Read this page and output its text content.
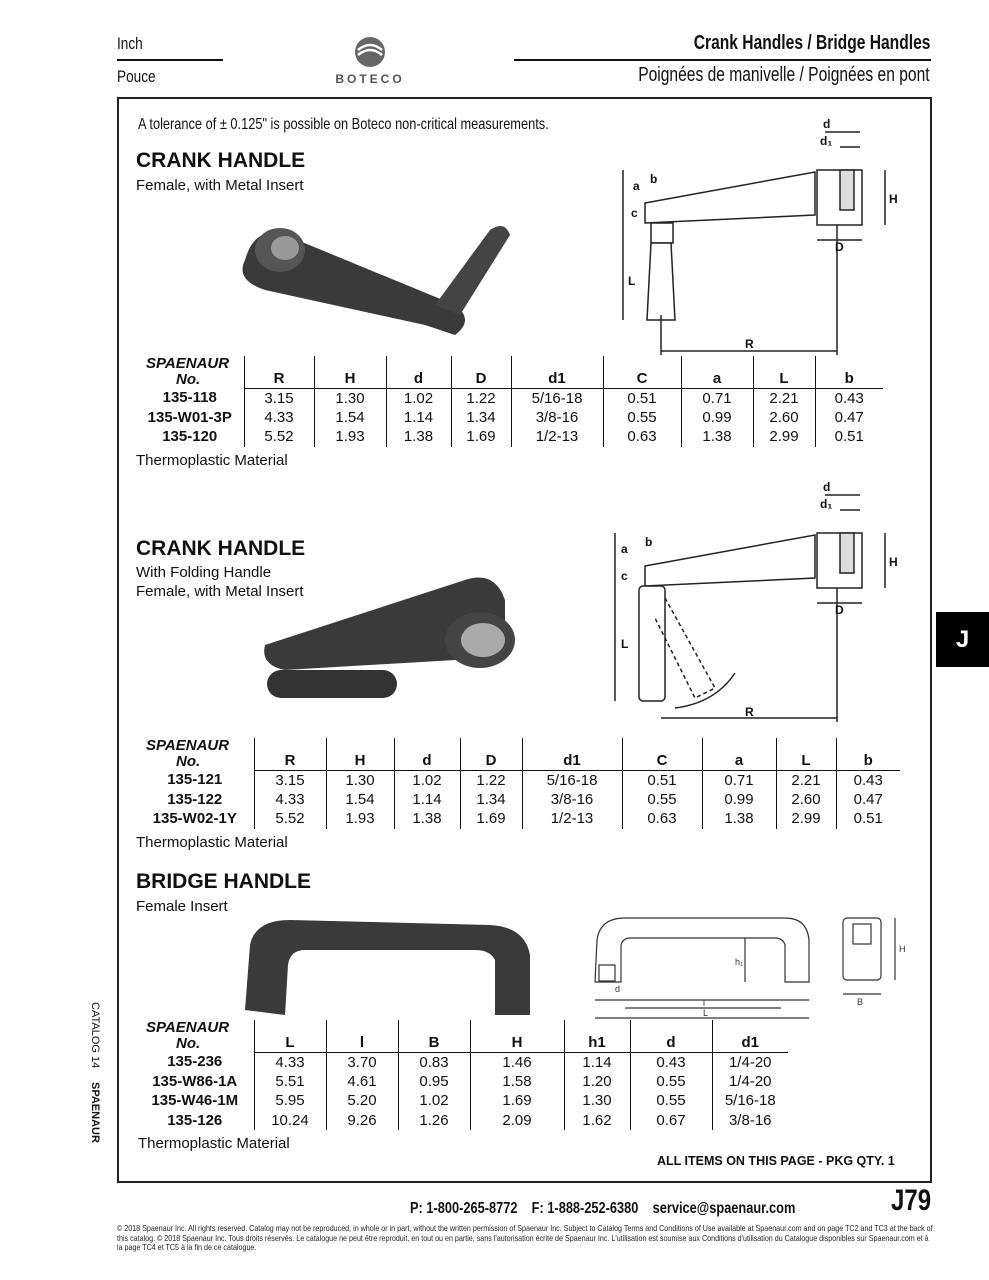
Inch
Pouce	BOTECO
Crank Handles / Bridge Handles
Poignées de manivelle / Poignées en pont
A tolerance of ± 0.125" is possible on Boteco non-critical measurements.
CRANK HANDLE
Female, with Metal Insert
d
d₁
b
a
c
H
D
L
R
SPAENAUR
No.	R	H	d	D	d1	C	a	L	b
135-118	3.15	1.30	1.02	1.22	5/16-18	0.51	0.71	2.21	0.43
135-W01-3P	4.33	1.54	1.14	1.34	3/8-16	0.55	0.99	2.60	0.47
135-120	5.52	1.93	1.38	1.69	1/2-13	0.63	1.38	2.99	0.51
Thermoplastic Material
CRANK HANDLE
With Folding Handle
Female, with Metal Insert
d
d₁
b
a
c
H
D
L
R
SPAENAUR
No.	R	H	d	D	d1	C	a	L	b
135-121	3.15	1.30	1.02	1.22	5/16-18	0.51	0.71	2.21	0.43
135-122	4.33	1.54	1.14	1.34	3/8-16	0.55	0.99	2.60	0.47
135-W02-1Y	5.52	1.93	1.38	1.69	1/2-13	0.63	1.38	2.99	0.51
Thermoplastic Material
BRIDGE HANDLE
Female Insert
h₁
d
l
L
B
H
SPAENAUR
No.	L	l	B	H	h1	d	d1
135-236	4.33	3.70	0.83	1.46	1.14	0.43	1/4-20
135-W86-1A	5.51	4.61	0.95	1.58	1.20	0.55	1/4-20
135-W46-1M	5.95	5.20	1.02	1.69	1.30	0.55	5/16-18
135-126	10.24	9.26	1.26	2.09	1.62	0.67	3/8-16
Thermoplastic Material
ALL ITEMS ON THIS PAGE - PKG QTY. 1
J
CATALOG 14
SPAENAUR
P: 1-800-265-8772 F: 1-888-252-6380 service@spaenaur.com	J79
© 2018 Spaenaur Inc. All rights reserved. Catalog may not be reproduced, in whole or in part, without the written permission of Spaenaur Inc. Subject to Catalog Terms and Conditions of Use available at Spaenaur.com and on page TC2 and TC3 at the back of this catalog. © 2018 Spaenaur Inc. Tous droits réservés. Le catalogue ne peut être reproduit, en tout ou en partie, sans l'autorisation écrite de Spaenaur Inc. L'utilisation est soumise aux Conditions d'utilisation du Catalogue disponibles sur Spaenaur.com et à la page TC4 et TC5 à la fin de ce catalogue.
